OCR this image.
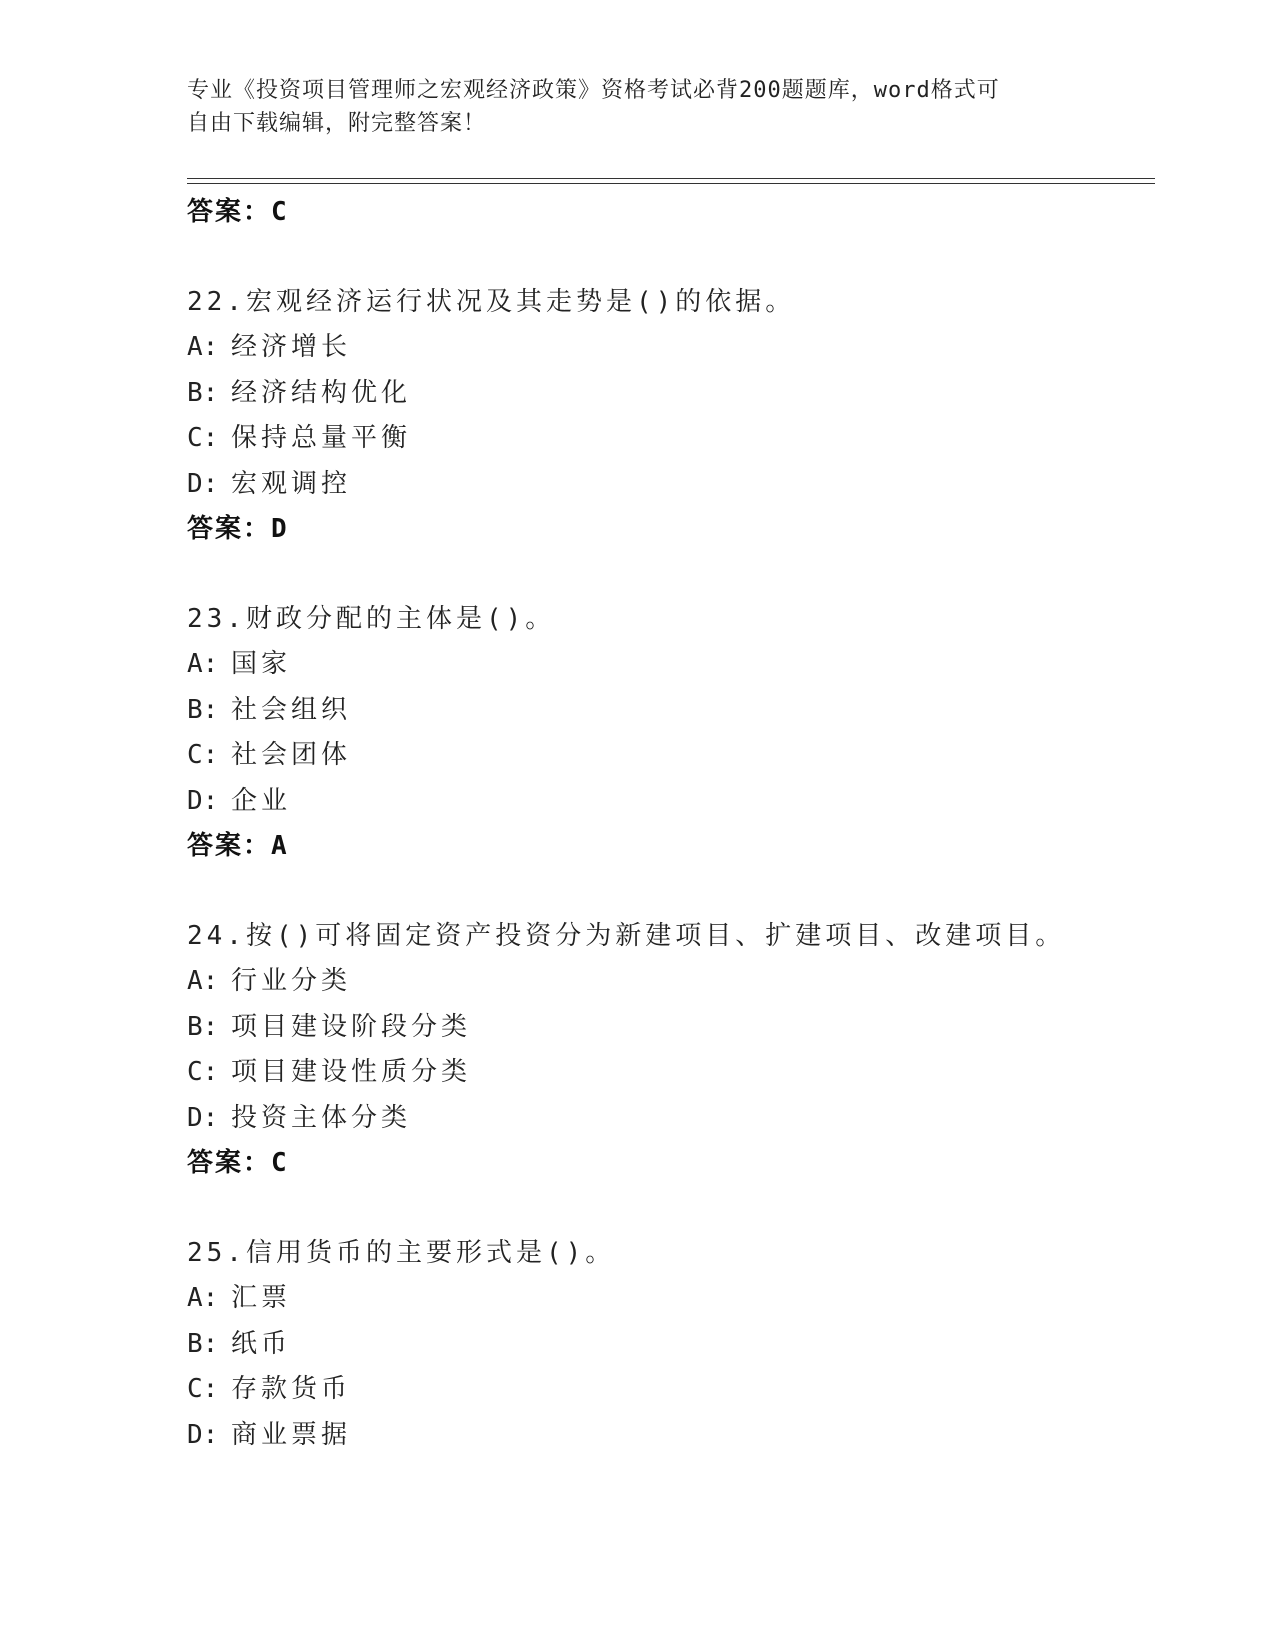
专业《投资项目管理师之宏观经济政策》资格考试必背200题题库，word格式可
自由下载编辑，附完整答案！
答案：C
22.宏观经济运行状况及其走势是()的依据。
A: 经济增长
B: 经济结构优化
C: 保持总量平衡
D: 宏观调控
答案：D
23.财政分配的主体是()。
A: 国家
B: 社会组织
C: 社会团体
D: 企业
答案：A
24.按()可将固定资产投资分为新建项目、扩建项目、改建项目。
A: 行业分类
B: 项目建设阶段分类
C: 项目建设性质分类
D: 投资主体分类
答案：C
25.信用货币的主要形式是()。
A: 汇票
B: 纸币
C: 存款货币
D: 商业票据
